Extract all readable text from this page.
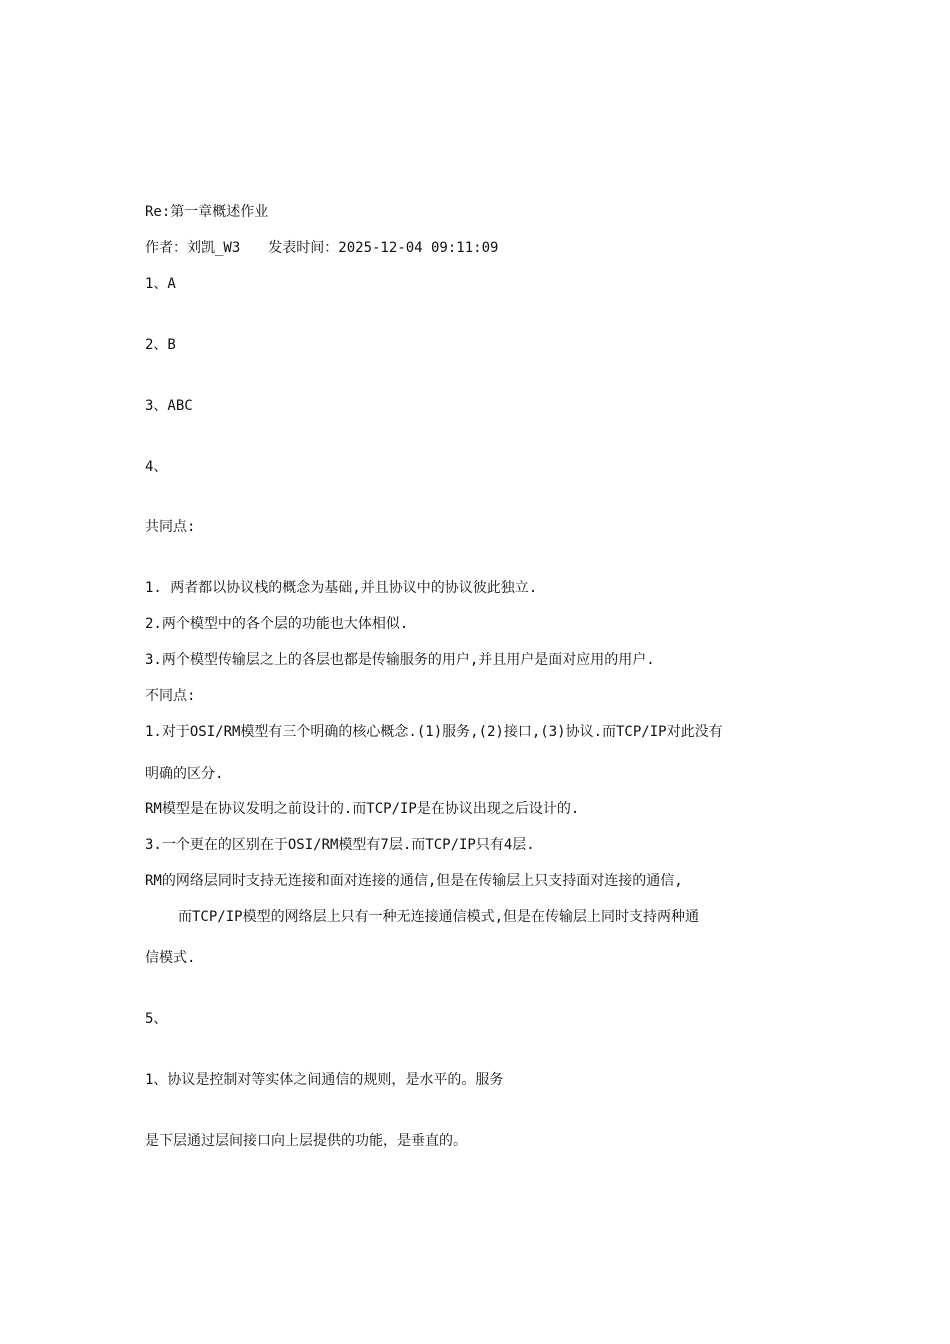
Re:第一章概述作业
作者：刘凯_W3　　发表时间：2025-12-04 09:11:09
1、A
2、B
3、ABC
4、
共同点:
1. 两者都以协议栈的概念为基础,并且协议中的协议彼此独立.
2.两个模型中的各个层的功能也大体相似.
3.两个模型传输层之上的各层也都是传输服务的用户,并且用户是面对应用的用户.
不同点:
1.对于OSI/RM模型有三个明确的核心概念.(1)服务,(2)接口,(3)协议.而TCP/IP对此没有
明确的区分.
RM模型是在协议发明之前设计的.而TCP/IP是在协议出现之后设计的.
3.一个更在的区别在于OSI/RM模型有7层.而TCP/IP只有4层.
RM的网络层同时支持无连接和面对连接的通信,但是在传输层上只支持面对连接的通信,
而TCP/IP模型的网络层上只有一种无连接通信模式,但是在传输层上同时支持两种通
信模式.
5、
1、协议是控制对等实体之间通信的规则，是水平的。服务
是下层通过层间接口向上层提供的功能，是垂直的。
